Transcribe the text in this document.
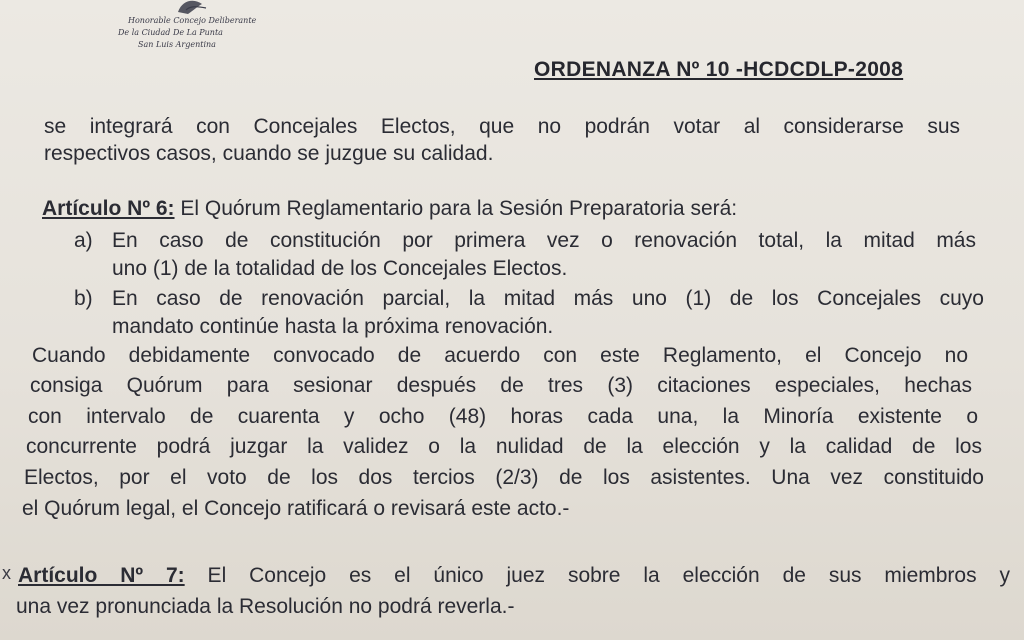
Honorable Concejo Deliberante
De la Ciudad De La Punta
San Luis Argentina
ORDENANZA Nº 10 -HCDCDLP-2008
se integrará con Concejales Electos, que no podrán votar al considerarse sus
respectivos casos, cuando se juzgue su calidad.
Artículo Nº 6: El Quórum Reglamentario para la Sesión Preparatoria será:
a) En caso de constitución por primera vez o renovación total, la mitad más
uno (1) de la totalidad de los Concejales Electos.
b) En caso de renovación parcial, la mitad más uno (1) de los Concejales cuyo
mandato continúe hasta la próxima renovación.
Cuando debidamente convocado de acuerdo con este Reglamento, el Concejo no
consiga Quórum para sesionar después de tres (3) citaciones especiales, hechas
con intervalo de cuarenta y ocho (48) horas cada una, la Minoría existente o
concurrente podrá juzgar la validez o la nulidad de la elección y la calidad de los
Electos, por el voto de los dos tercios (2/3) de los asistentes. Una vez constituido
el Quórum legal, el Concejo ratificará o revisará este acto.-
x Artículo Nº 7: El Concejo es el único juez sobre la elección de sus miembros y
una vez pronunciada la Resolución no podrá reverla.-
